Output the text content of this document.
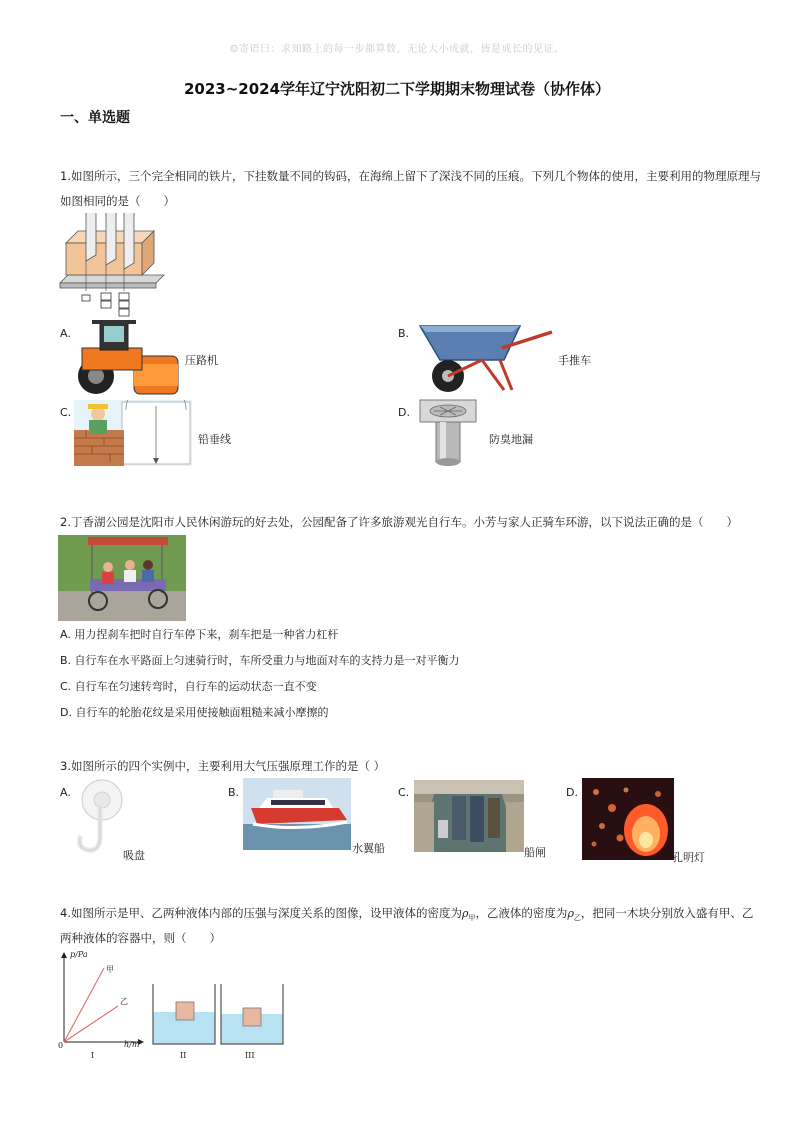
☺寄语曰：求知路上的每一步都算数，无论大小成就，皆是成长的见证。
2023~2024学年辽宁沈阳初二下学期期末物理试卷（协作体）
一、单选题
1.如图所示，三个完全相同的铁片，下挂数量不同的钩码，在海绵上留下了深浅不同的压痕。下列几个物体的使用，主要利用的物理原理与
如图相同的是（　　）
A.
压路机
B.
手推车
C.
铅垂线
D.
防臭地漏
2.丁香湖公园是沈阳市人民休闲游玩的好去处，公园配备了许多旅游观光自行车。小芳与家人正骑车环游，以下说法正确的是（　　）
A. 用力捏刹车把时自行车停下来，刹车把是一种省力杠杆
B. 自行车在水平路面上匀速骑行时，车所受重力与地面对车的支持力是一对平衡力
C. 自行车在匀速转弯时，自行车的运动状态一直不变
D. 自行车的轮胎花纹是采用使接触面粗糙来减小摩擦的
3.如图所示的四个实例中，主要利用大气压强原理工作的是（ ）
A.
吸盘
B.
水翼船
C.
船闸
D.
孔明灯
4.如图所示是甲、乙两种液体内部的压强与深度关系的图像，设甲液体的密度为$\rho_甲$，乙液体的密度为$\rho_乙$，把同一木块分别放入盛有甲、乙
两种液体的容器中，则（　　）
p/Pa
甲
乙
0	h/m
I	II	III
